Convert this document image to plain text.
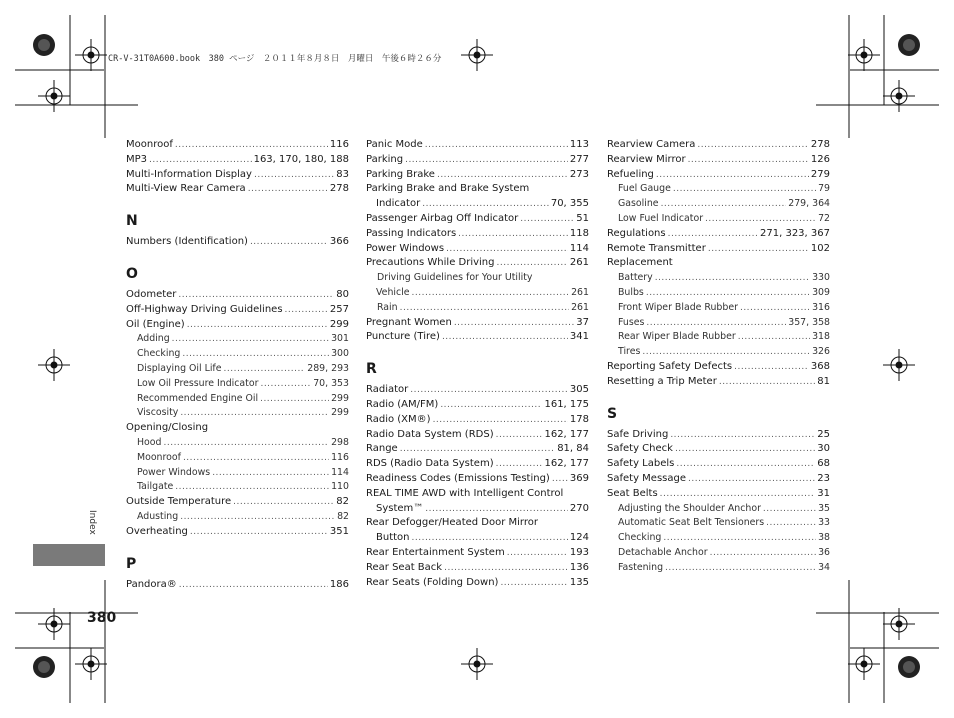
CR-V-31T0A600.book　380 ページ　２０１１年８月８日　月曜日　午後６時２６分
Moonroof .....	116
MP3 .....	163, 170, 180, 188
Multi-Information Display .....	83
Multi-View Rear Camera .....	278
N
Numbers (Identification) .....	366
O
Odometer .....	80
Off-Highway Driving Guidelines .....	257
Oil (Engine) .....	299
Adding .....	301
Checking .....	300
Displaying Oil Life .....	289, 293
Low Oil Pressure Indicator .....	70, 353
Recommended Engine Oil .....	299
Viscosity .....	299
Opening/Closing
Hood .....	298
Moonroof .....	116
Power Windows .....	114
Tailgate .....	110
Outside Temperature .....	82
Adusting .....	82
Overheating .....	351
P
Pandora® .....	186
Panic Mode .....	113
Parking .....	277
Parking Brake .....	273
Parking Brake and Brake System
Indicator .....	70, 355
Passenger Airbag Off Indicator .....	51
Passing Indicators .....	118
Power Windows .....	114
Precautions While Driving .....	261
Driving Guidelines for Your Utility
Vehicle .....	261
Rain .....	261
Pregnant Women .....	37
Puncture (Tire) .....	341
R
Radiator .....	305
Radio (AM/FM) .....	161, 175
Radio (XM®) .....	178
Radio Data System (RDS) .....	162, 177
Range .....	81, 84
RDS (Radio Data System) .....	162, 177
Readiness Codes (Emissions Testing) ..... 369
REAL TIME AWD with Intelligent Control
System™ .....	270
Rear Defogger/Heated Door Mirror
Button .....	124
Rear Entertainment System .....	193
Rear Seat Back .....	136
Rear Seats (Folding Down) .....	135
Rearview Camera .....	278
Rearview Mirror .....	126
Refueling .....	279
Fuel Gauge .....	79
Gasoline .....	279, 364
Low Fuel Indicator .....	72
Regulations .....	271, 323, 367
Remote Transmitter .....	102
Replacement
Battery .....	330
Bulbs .....	309
Front Wiper Blade Rubber .....	316
Fuses .....	357, 358
Rear Wiper Blade Rubber .....	318
Tires .....	326
Reporting Safety Defects .....	368
Resetting a Trip Meter .....	81
S
Safe Driving .....	25
Safety Check .....	30
Safety Labels .....	68
Safety Message .....	23
Seat Belts .....	31
Adjusting the Shoulder Anchor .....	35
Automatic Seat Belt Tensioners .....	33
Checking .....	38
Detachable Anchor .....	36
Fastening .....	34
Index
380
